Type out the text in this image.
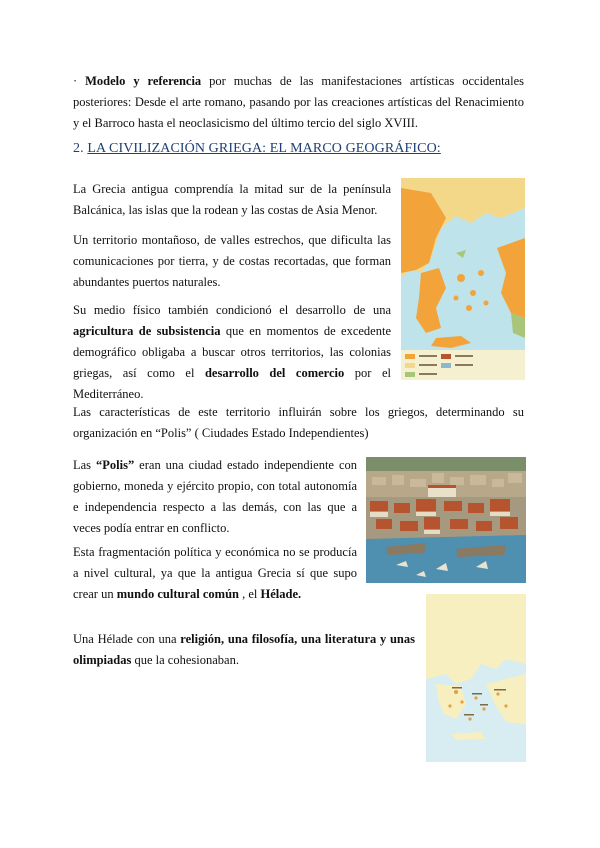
· Modelo y referencia por muchas de las manifestaciones artísticas occidentales posteriores: Desde el arte romano, pasando por las creaciones artísticas del Renacimiento y el Barroco hasta el neoclasicismo del último tercio del siglo XVIII.

2. LA CIVILIZACIÓN GRIEGA: EL MARCO GEOGRÁFICO:

La Grecia antigua comprendía la mitad sur de la península Balcánica, las islas que la rodean y las costas de Asia Menor.

Un territorio montañoso, de valles estrechos, que dificulta las comunicaciones por tierra, y de costas recortadas, que forman abundantes puertos naturales.

Su medio físico también condicionó el desarrollo de una agricultura de subsistencia que en momentos de excedente demográfico obligaba a buscar otros territorios, las colonias griegas, así como el desarrollo del comercio por el Mediterráneo.

Las características de este territorio influirán sobre los griegos, determinando su organización en “Polis” ( Ciudades Estado Independientes)

Las “Polis” eran una ciudad estado independiente con gobierno, moneda y ejército propio, con total autonomía e independencia respecto a las demás, con las que a veces podía entrar en conflicto.

Esta fragmentación política y económica no se producía a nivel cultural, ya que la antigua Grecia sí que supo crear un mundo cultural común , el Hélade.

Una Hélade con una religión, una filosofía, una literatura y unas olimpiadas que la cohesionaban.
